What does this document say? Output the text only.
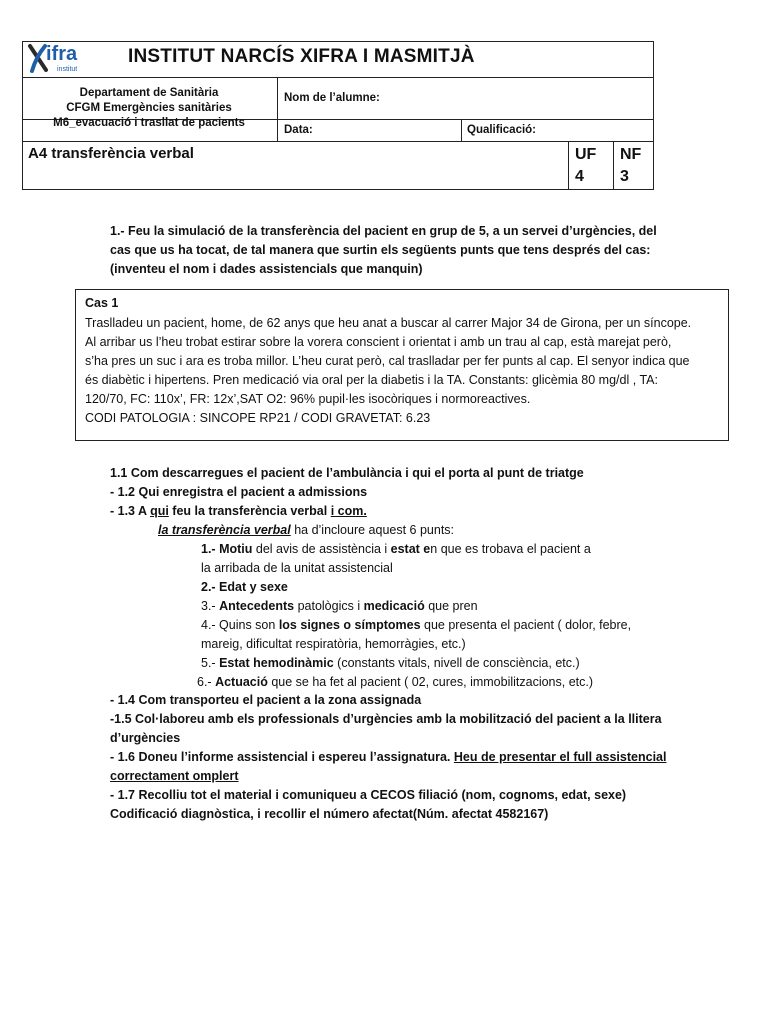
ifra
institut
INSTITUT NARCÍS XIFRA I MASMITJÀ
Departament de Sanitària
CFGM Emergències sanitàries
M6_evacuació i trasllat de pacients
Nom de l’alumne:
Data:	Qualificació:
A4 transferència verbal	UF
4
NF
3
1.- Feu la simulació de la transferència del pacient en grup de 5, a un servei d’urgències, del
cas que us ha tocat, de tal manera que surtin els següents punts que tens després del cas:
(inventeu el nom i dades assistencials que manquin)
Cas 1
Traslladeu un pacient, home, de 62 anys que heu anat a buscar al carrer Major 34 de Girona, per un síncope.
Al arribar us l’heu trobat estirar sobre la vorera conscient i orientat i amb un trau al cap, està marejat però,
s’ha pres un suc i ara es troba millor. L’heu curat però, cal traslladar per fer punts al cap. El senyor indica que
és diabètic i hipertens. Pren medicació via oral per la diabetis i la TA. Constants: glicèmia 80 mg/dl , TA:
120/70, FC: 110x’, FR: 12x’,SAT O2: 96% pupil·les isocòriques i normoreactives.
CODI PATOLOGIA : SINCOPE RP21 / CODI GRAVETAT: 6.23
1.1 Com descarregues el pacient de l’ambulància i qui el porta al punt de triatge
- 1.2 Qui enregistra el pacient a admissions
- 1.3 A qui feu la transferència verbal i com.
la transferència verbal ha d’incloure aquest 6 punts:
1.- Motiu del avis de assistència i estat en que es trobava el pacient a
la arribada de la unitat assistencial
2.- Edat y sexe
3.- Antecedents patològics i medicació que pren
4.- Quins son los signes o símptomes que presenta el pacient ( dolor, febre,
mareig, dificultat respiratòria, hemorràgies, etc.)
5.- Estat hemodinàmic (constants vitals, nivell de consciència, etc.)
6.- Actuació que se ha fet al pacient ( 02, cures, immobilitzacions, etc.)
- 1.4 Com transporteu el pacient a la zona assignada
-1.5 Col·laboreu amb els professionals d’urgències amb la mobilització del pacient a la llitera
d’urgències
- 1.6 Doneu l’informe assistencial i espereu l’assignatura. Heu de presentar el full assistencial
correctament omplert
- 1.7 Recolliu tot el material i comuniqueu a CECOS filiació (nom, cognoms, edat, sexe)
Codificació diagnòstica, i recollir el número afectat(Núm. afectat 4582167)
